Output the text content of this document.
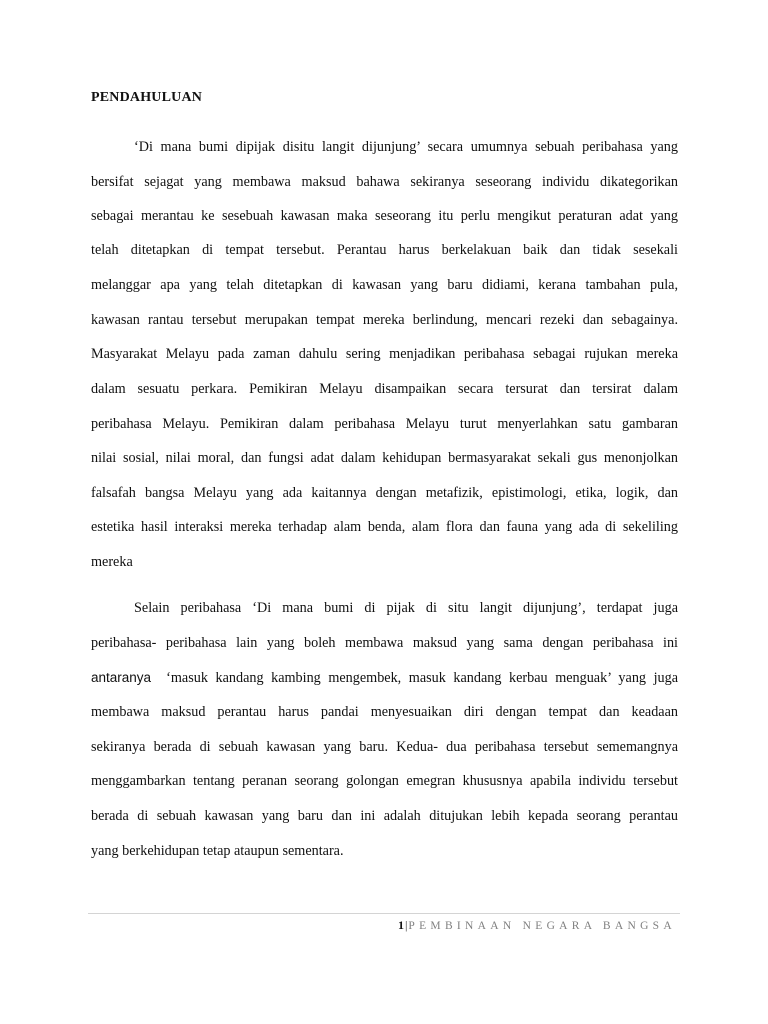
PENDAHULUAN

‘Di mana bumi dipijak disitu langit dijunjung’ secara umumnya sebuah peribahasa yang

bersifat sejagat yang membawa maksud bahawa sekiranya seseorang individu dikategorikan

sebagai merantau ke sesebuah kawasan maka seseorang itu perlu mengikut peraturan adat yang

telah ditetapkan di tempat tersebut. Perantau harus berkelakuan baik dan tidak sesekali

melanggar apa yang telah ditetapkan di kawasan yang baru didiami, kerana tambahan pula,

kawasan rantau tersebut merupakan tempat mereka berlindung, mencari rezeki dan sebagainya.

Masyarakat Melayu pada zaman dahulu sering menjadikan peribahasa sebagai rujukan mereka

dalam sesuatu perkara. Pemikiran Melayu disampaikan secara tersurat dan tersirat dalam

peribahasa Melayu. Pemikiran dalam peribahasa Melayu turut menyerlahkan satu gambaran

nilai sosial, nilai moral, dan fungsi adat dalam kehidupan bermasyarakat sekali gus menonjolkan

falsafah bangsa Melayu yang ada kaitannya dengan metafizik, epistimologi, etika, logik, dan

estetika hasil interaksi mereka terhadap alam benda, alam flora dan fauna yang ada di sekeliling

mereka

Selain peribahasa ‘Di mana bumi di pijak di situ langit dijunjung’, terdapat juga

peribahasa- peribahasa lain yang boleh membawa maksud yang sama dengan peribahasa ini

antaranya  ‘masuk kandang kambing mengembek, masuk kandang kerbau menguak’ yang juga

membawa maksud perantau harus pandai menyesuaikan diri dengan tempat dan keadaan

sekiranya berada di sebuah kawasan yang baru. Kedua- dua peribahasa tersebut sememangnya

menggambarkan tentang peranan seorang golongan emegran khususnya apabila individu tersebut

berada di sebuah kawasan yang baru dan ini adalah ditujukan lebih kepada seorang perantau

yang berkehidupan tetap ataupun sementara.

1|PEMBINAAN NEGARA BANGSA
